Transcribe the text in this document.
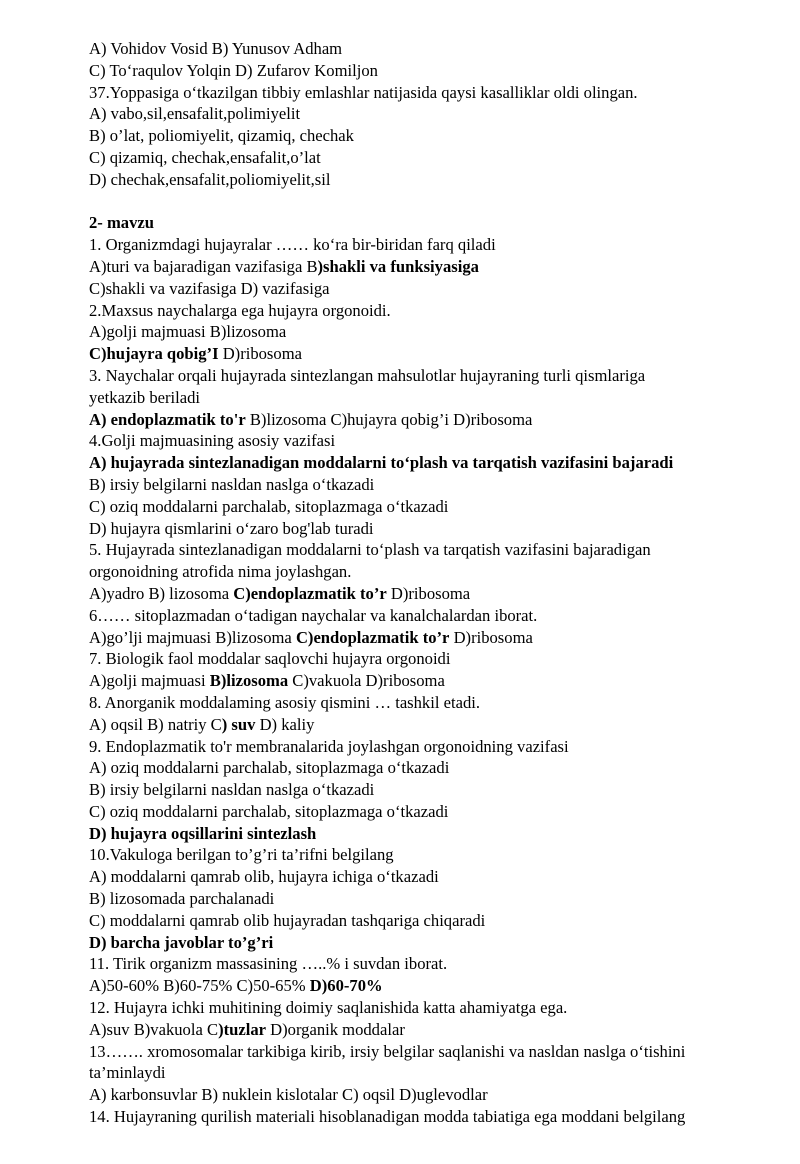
A) Vohidov Vosid B) Yunusov Adham
C) To‘raqulov Yolqin D) Zufarov Komiljon
37.Yoppasiga o‘tkazilgan tibbiy emlashlar natijasida qaysi kasalliklar oldi olingan.
A) vabo,sil,ensafalit,polimiyelit
B) o’lat, poliomiyelit, qizamiq, chechak
C) qizamiq, chechak,ensafalit,o’lat
D) chechak,ensafalit,poliomiyelit,sil
2- mavzu
1. Organizmdagi hujayralar …… ko‘ra bir-biridan farq qiladi
A)turi va bajaradigan vazifasiga B)shakli va funksiyasiga
C)shakli va vazifasiga D) vazifasiga
2.Maxsus naychalarga ega hujayra orgonoidi.
A)golji majmuasi B)lizosoma
C)hujayra qobig’I D)ribosoma
3. Naychalar orqali hujayrada sintezlangan mahsulotlar hujayraning turli qismlariga
yetkazib beriladi
A) endoplazmatik to'r B)lizosoma C)hujayra qobig’i D)ribosoma
4.Golji majmuasining asosiy vazifasi
A) hujayrada sintezlanadigan moddalarni to‘plash va tarqatish vazifasini bajaradi
B) irsiy belgilarni nasldan naslga o‘tkazadi
C) oziq moddalarni parchalab, sitoplazmaga o‘tkazadi
D) hujayra qismlarini o‘zaro bog'lab turadi
5. Hujayrada sintezlanadigan moddalarni to‘plash va tarqatish vazifasini bajaradigan
orgonoidning atrofida nima joylashgan.
A)yadro B) lizosoma C)endoplazmatik to’r D)ribosoma
6…… sitoplazmadan o‘tadigan naychalar va kanalchalardan iborat.
A)go’lji majmuasi B)lizosoma C)endoplazmatik to’r D)ribosoma
7. Biologik faol moddalar saqlovchi hujayra orgonoidi
A)golji majmuasi B)lizosoma C)vakuola D)ribosoma
8. Anorganik moddalaming asosiy qismini … tashkil etadi.
A) oqsil B) natriy C) suv D) kaliy
9. Endoplazmatik to'r membranalarida joylashgan orgonoidning vazifasi
A) oziq moddalarni parchalab, sitoplazmaga o‘tkazadi
B) irsiy belgilarni nasldan naslga o‘tkazadi
C) oziq moddalarni parchalab, sitoplazmaga o‘tkazadi
D) hujayra oqsillarini sintezlash
10.Vakuloga berilgan to’g’ri ta’rifni belgilang
A) moddalarni qamrab olib, hujayra ichiga o‘tkazadi
B) lizosomada parchalanadi
C) moddalarni qamrab olib hujayradan tashqariga chiqaradi
D) barcha javoblar to’g’ri
11. Tirik organizm massasining …..% i suvdan iborat.
A)50-60% B)60-75% C)50-65% D)60-70%
12. Hujayra ichki muhitining doimiy saqlanishida katta ahamiyatga ega.
A)suv B)vakuola C)tuzlar D)organik moddalar
13……. xromosomalar tarkibiga kirib, irsiy belgilar saqlanishi va nasldan naslga o‘tishini
ta’minlaydi
A) karbonsuvlar B) nuklein kislotalar C) oqsil D)uglevodlar
14. Hujayraning qurilish materiali hisoblanadigan modda tabiatiga ega moddani belgilang
